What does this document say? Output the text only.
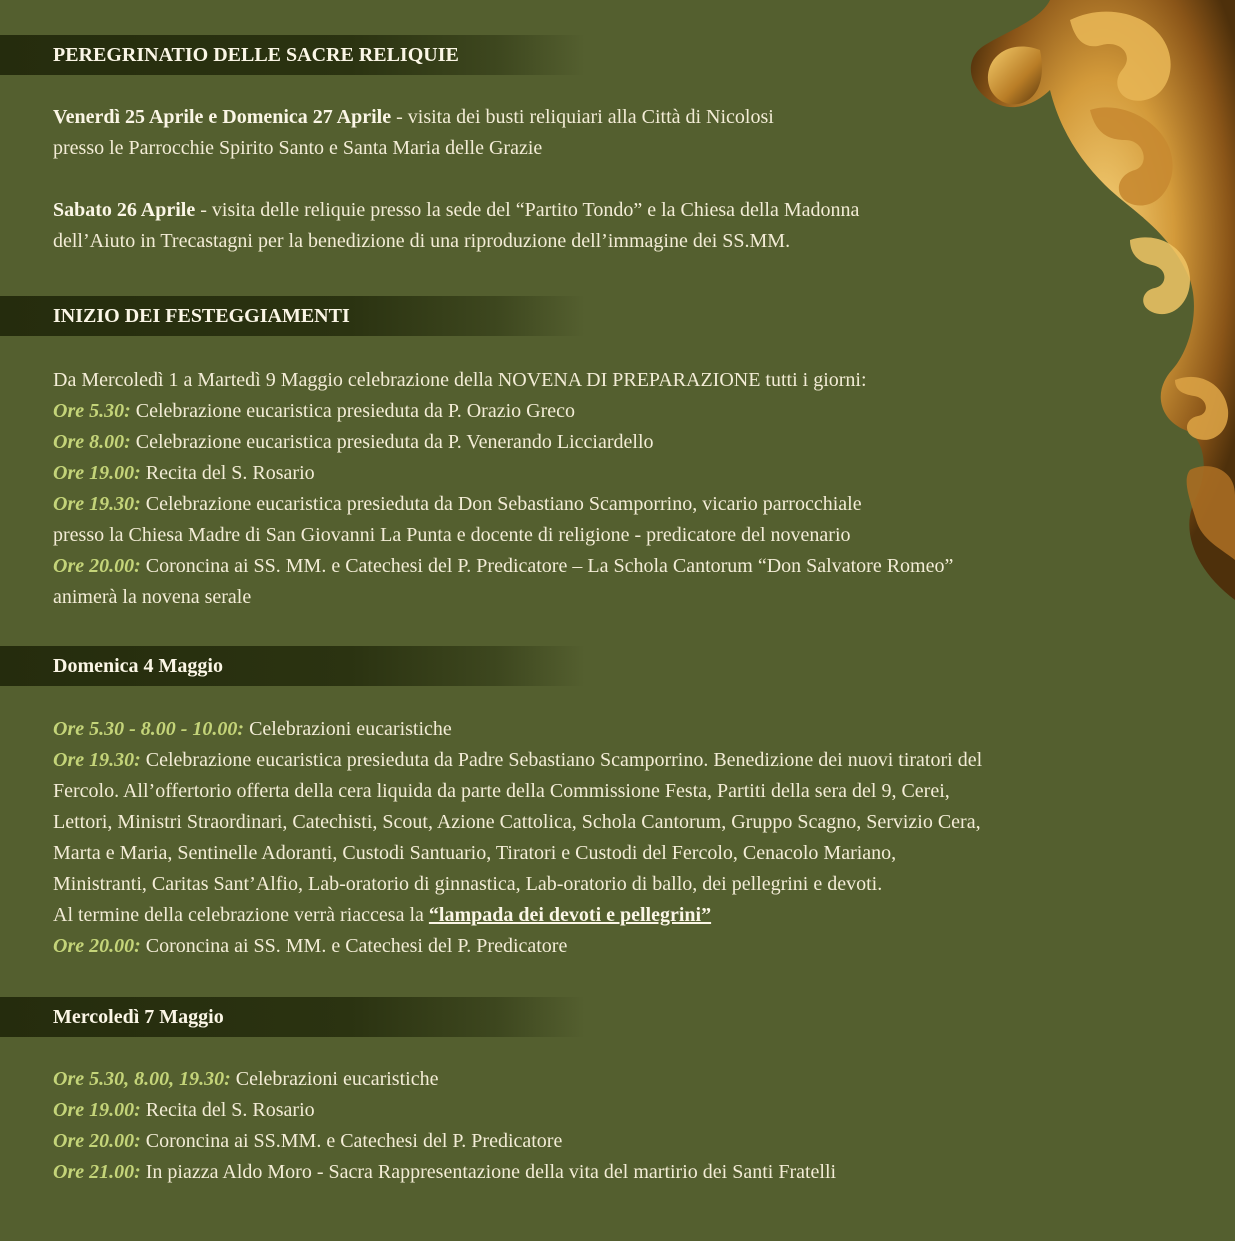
PEREGRINATIO DELLE SACRE RELIQUIE
Venerdì 25 Aprile e Domenica 27 Aprile - visita dei busti reliquiari alla Città di Nicolosi
presso le Parrocchie Spirito Santo e Santa Maria delle Grazie
Sabato 26 Aprile - visita delle reliquie presso la sede del “Partito Tondo” e la Chiesa della Madonna
dell’Aiuto in Trecastagni per la benedizione di una riproduzione dell’immagine dei SS.MM.
INIZIO DEI FESTEGGIAMENTI
Da Mercoledì 1 a Martedì 9 Maggio celebrazione della NOVENA DI PREPARAZIONE tutti i giorni:
Ore 5.30: Celebrazione eucaristica presieduta da P. Orazio Greco
Ore 8.00: Celebrazione eucaristica presieduta da P. Venerando Licciardello
Ore 19.00: Recita del S. Rosario
Ore 19.30: Celebrazione eucaristica presieduta da Don Sebastiano Scamporrino, vicario parrocchiale
presso la Chiesa Madre di San Giovanni La Punta e docente di religione - predicatore del novenario
Ore 20.00: Coroncina ai SS. MM. e Catechesi del P. Predicatore – La Schola Cantorum “Don Salvatore Romeo”
animerà la novena serale
Domenica 4 Maggio
Ore 5.30 - 8.00 - 10.00: Celebrazioni eucaristiche
Ore 19.30: Celebrazione eucaristica presieduta da Padre Sebastiano Scamporrino. Benedizione dei nuovi tiratori del
Fercolo. All’offertorio offerta della cera liquida da parte della Commissione Festa, Partiti della sera del 9, Cerei,
Lettori, Ministri Straordinari, Catechisti, Scout, Azione Cattolica, Schola Cantorum, Gruppo Scagno, Servizio Cera,
Marta e Maria, Sentinelle Adoranti, Custodi Santuario, Tiratori e Custodi del Fercolo, Cenacolo Mariano,
Ministranti, Caritas Sant’Alfio, Lab-oratorio di ginnastica, Lab-oratorio di ballo, dei pellegrini e devoti.
Al termine della celebrazione verrà riaccesa la “lampada dei devoti e pellegrini”
Ore 20.00: Coroncina ai SS. MM. e Catechesi del P. Predicatore
Mercoledì 7 Maggio
Ore 5.30, 8.00, 19.30: Celebrazioni eucaristiche
Ore 19.00: Recita del S. Rosario
Ore 20.00: Coroncina ai SS.MM. e Catechesi del P. Predicatore
Ore 21.00: In piazza Aldo Moro - Sacra Rappresentazione della vita del martirio dei Santi Fratelli
